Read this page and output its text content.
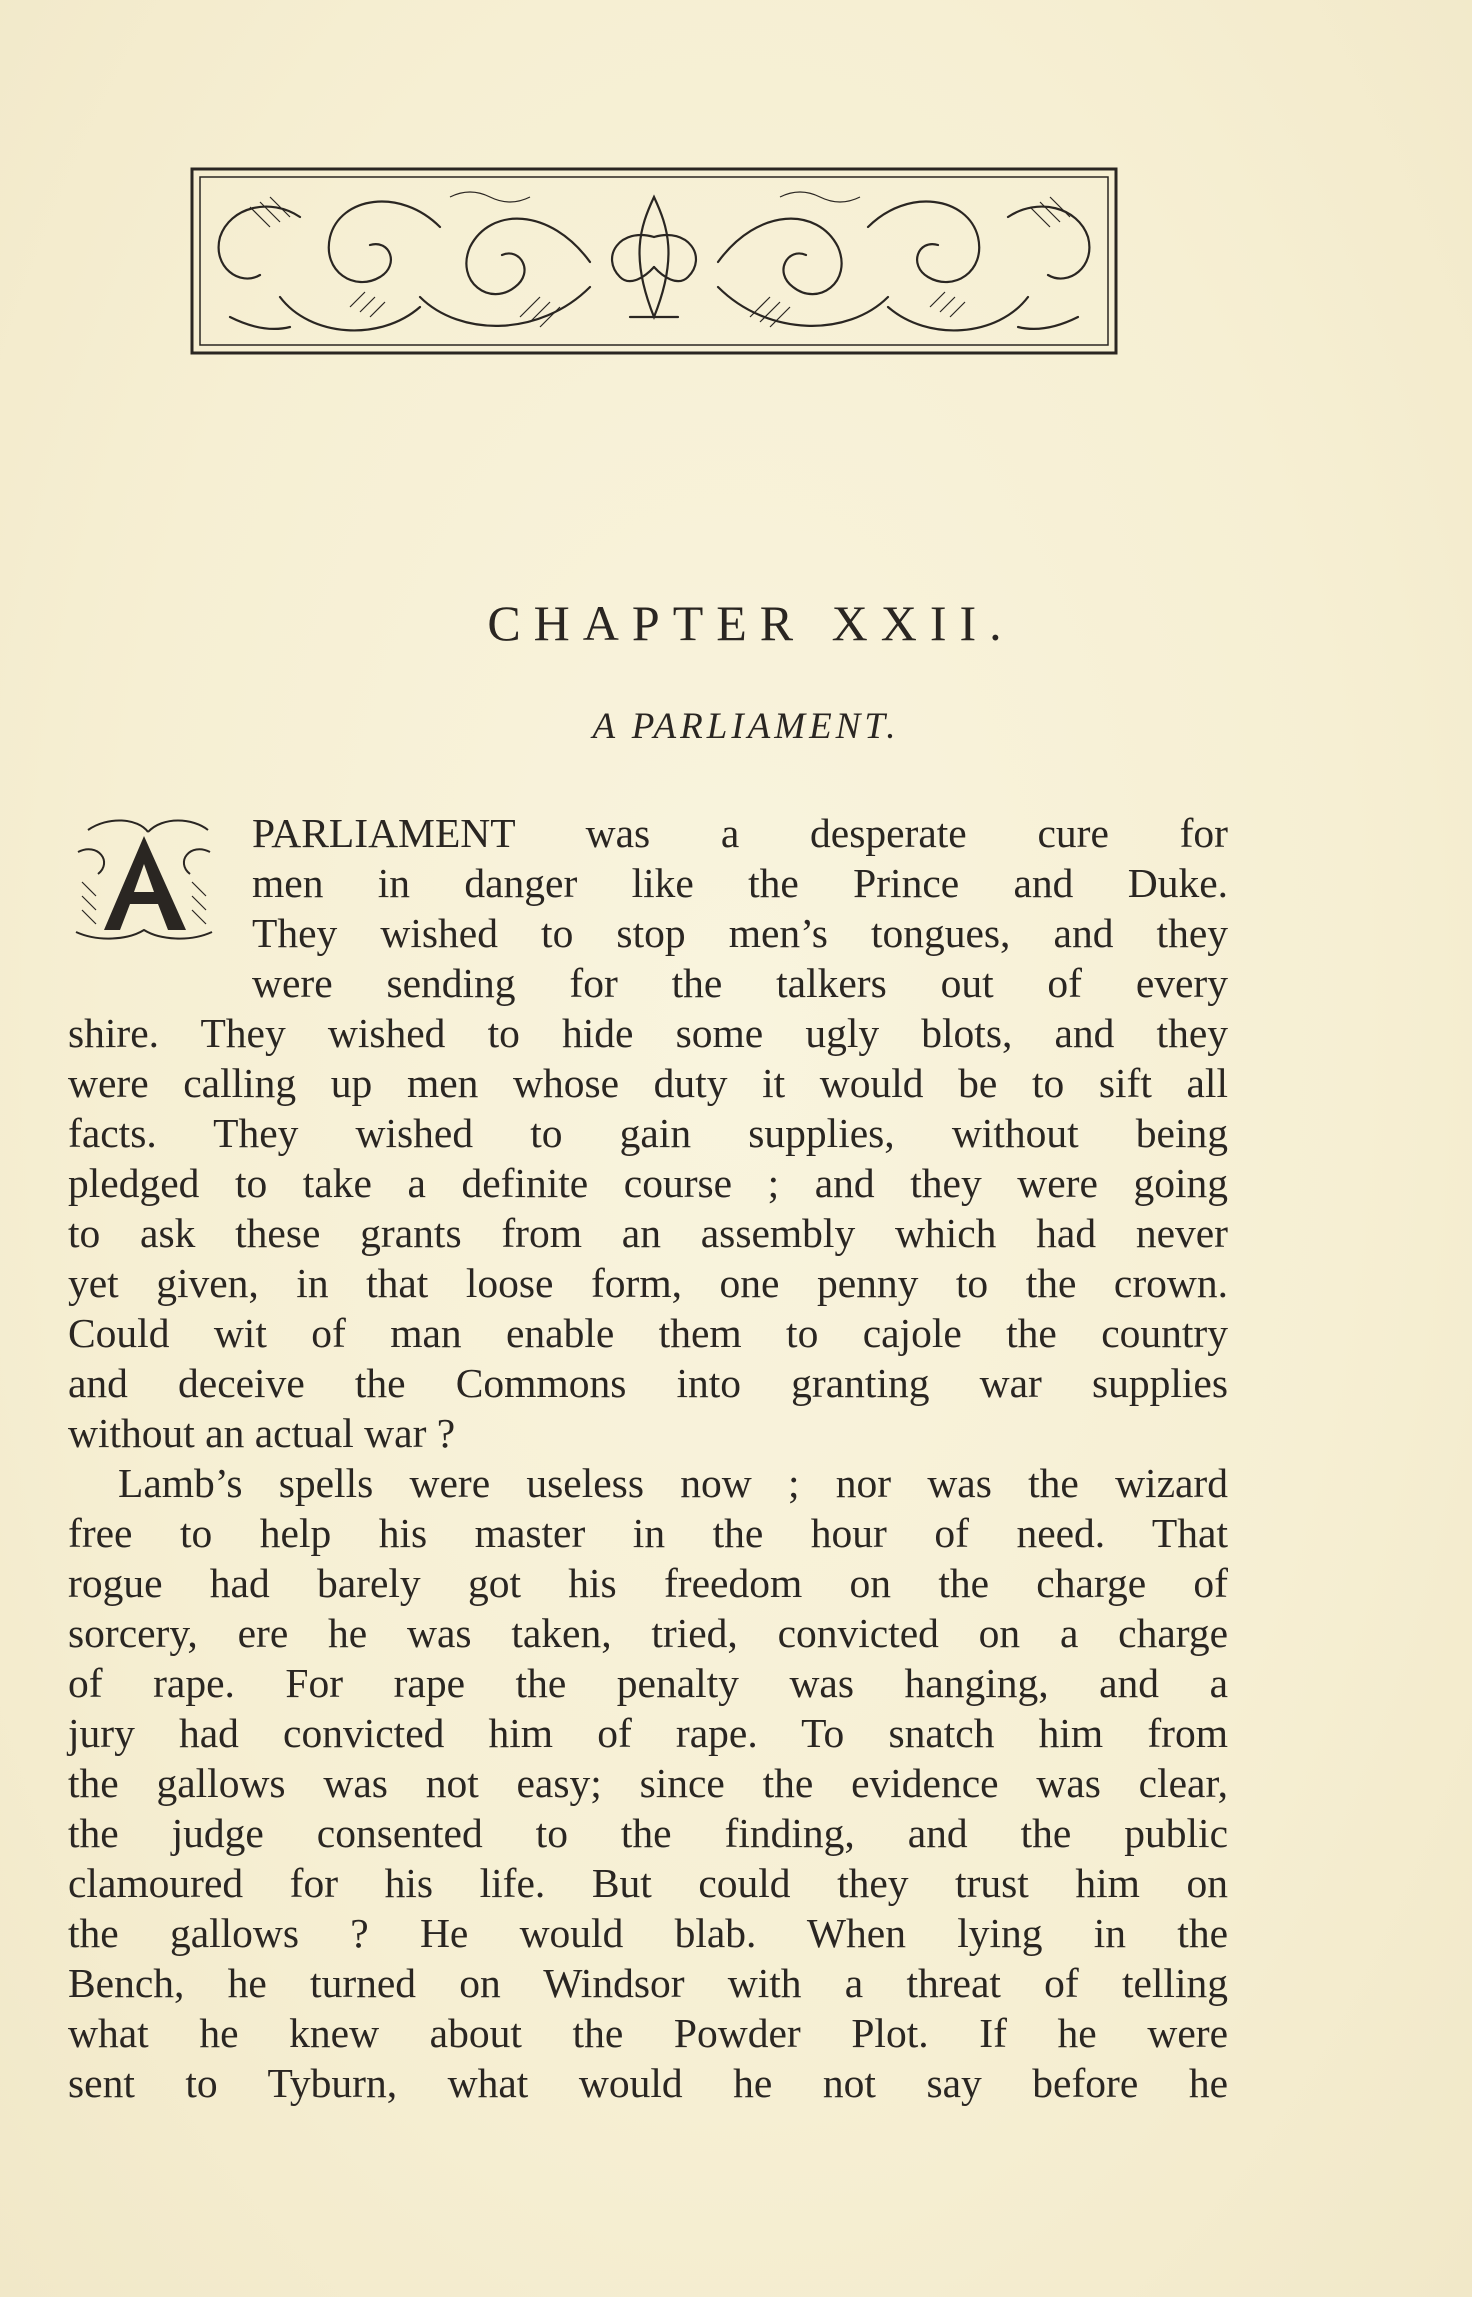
CHAPTER XXII.
A PARLIAMENT.
PARLIAMENT was a desperate cure for
men in danger like the Prince and Duke.
They wished to stop men’s tongues, and they
were sending for the talkers out of every
shire. They wished to hide some ugly blots, and they
were calling up men whose duty it would be to sift all
facts. They wished to gain supplies, without being
pledged to take a definite course ; and they were going
to ask these grants from an assembly which had never
yet given, in that loose form, one penny to the crown.
Could wit of man enable them to cajole the country
and deceive the Commons into granting war supplies
without an actual war ?
Lamb’s spells were useless now ; nor was the wizard
free to help his master in the hour of need. That
rogue had barely got his freedom on the charge of
sorcery, ere he was taken, tried, convicted on a charge
of rape. For rape the penalty was hanging, and a
jury had convicted him of rape. To snatch him from
the gallows was not easy; since the evidence was clear,
the judge consented to the finding, and the public
clamoured for his life. But could they trust him on
the gallows ? He would blab. When lying in the
Bench, he turned on Windsor with a threat of telling
what he knew about the Powder Plot. If he were
sent to Tyburn, what would he not say before he
